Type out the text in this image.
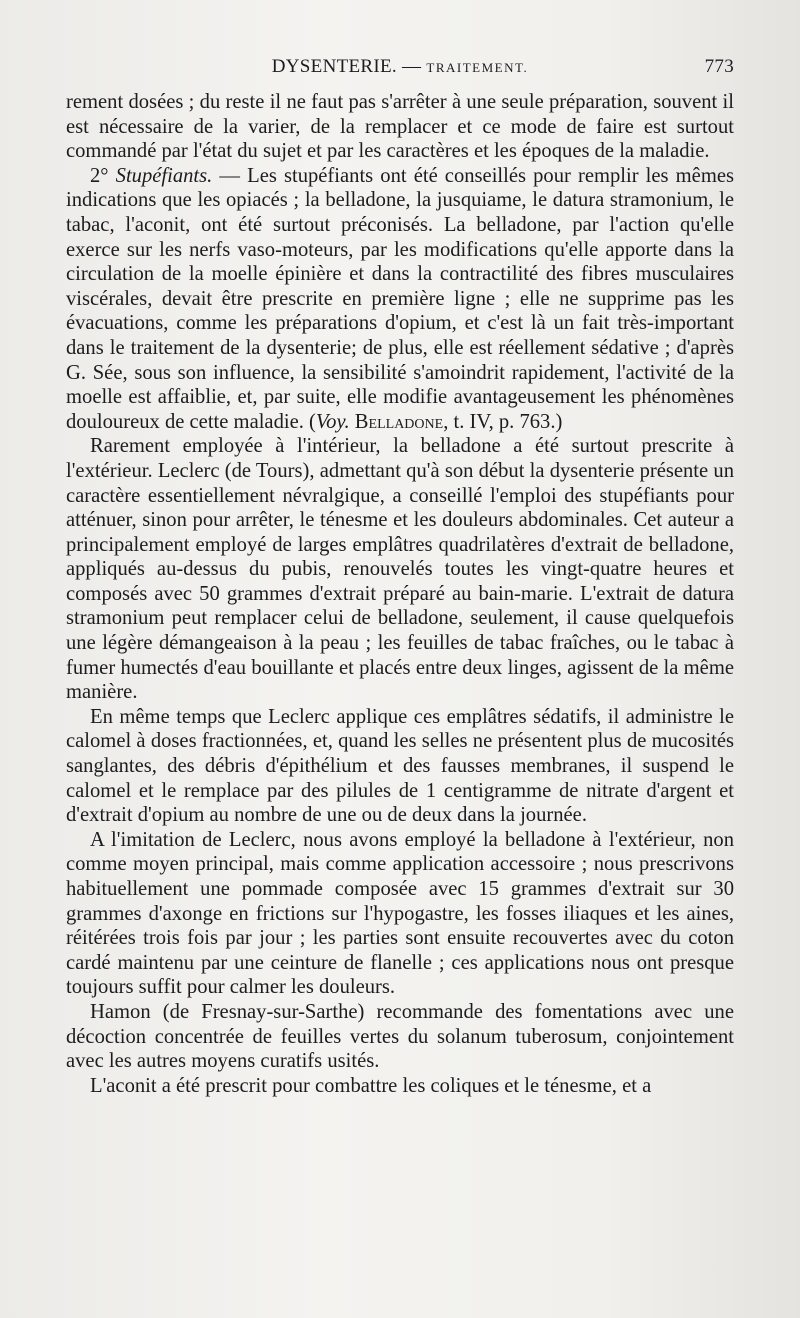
DYSENTERIE. — TRAITEMENT.	773

rement dosées ; du reste il ne faut pas s'arrêter à une seule préparation, souvent il est nécessaire de la varier, de la remplacer et ce mode de faire est surtout commandé par l'état du sujet et par les caractères et les époques de la maladie.

2° Stupéfiants. — Les stupéfiants ont été conseillés pour remplir les mêmes indications que les opiacés ; la belladone, la jusquiame, le datura stramonium, le tabac, l'aconit, ont été surtout préconisés. La belladone, par l'action qu'elle exerce sur les nerfs vaso-moteurs, par les modifications qu'elle apporte dans la circulation de la moelle épinière et dans la contractilité des fibres musculaires viscérales, devait être prescrite en première ligne ; elle ne supprime pas les évacuations, comme les préparations d'opium, et c'est là un fait très-important dans le traitement de la dysenterie; de plus, elle est réellement sédative ; d'après G. Sée, sous son influence, la sensibilité s'amoindrit rapidement, l'activité de la moelle est affaiblie, et, par suite, elle modifie avantageusement les phénomènes douloureux de cette maladie. (Voy. Belladone, t. IV, p. 763.)

Rarement employée à l'intérieur, la belladone a été surtout prescrite à l'extérieur. Leclerc (de Tours), admettant qu'à son début la dysenterie présente un caractère essentiellement névralgique, a conseillé l'emploi des stupéfiants pour atténuer, sinon pour arrêter, le ténesme et les douleurs abdominales. Cet auteur a principalement employé de larges emplâtres quadrilatères d'extrait de belladone, appliqués au-dessus du pubis, renouvelés toutes les vingt-quatre heures et composés avec 50 grammes d'extrait préparé au bain-marie. L'extrait de datura stramonium peut remplacer celui de belladone, seulement, il cause quelquefois une légère démangeaison à la peau ; les feuilles de tabac fraîches, ou le tabac à fumer humectés d'eau bouillante et placés entre deux linges, agissent de la même manière.

En même temps que Leclerc applique ces emplâtres sédatifs, il administre le calomel à doses fractionnées, et, quand les selles ne présentent plus de mucosités sanglantes, des débris d'épithélium et des fausses membranes, il suspend le calomel et le remplace par des pilules de 1 centigramme de nitrate d'argent et d'extrait d'opium au nombre de une ou de deux dans la journée.

A l'imitation de Leclerc, nous avons employé la belladone à l'extérieur, non comme moyen principal, mais comme application accessoire ; nous prescrivons habituellement une pommade composée avec 15 grammes d'extrait sur 30 grammes d'axonge en frictions sur l'hypogastre, les fosses iliaques et les aines, réitérées trois fois par jour ; les parties sont ensuite recouvertes avec du coton cardé maintenu par une ceinture de flanelle ; ces applications nous ont presque toujours suffit pour calmer les douleurs.

Hamon (de Fresnay-sur-Sarthe) recommande des fomentations avec une décoction concentrée de feuilles vertes du solanum tuberosum, conjointement avec les autres moyens curatifs usités.

L'aconit a été prescrit pour combattre les coliques et le ténesme, et a
